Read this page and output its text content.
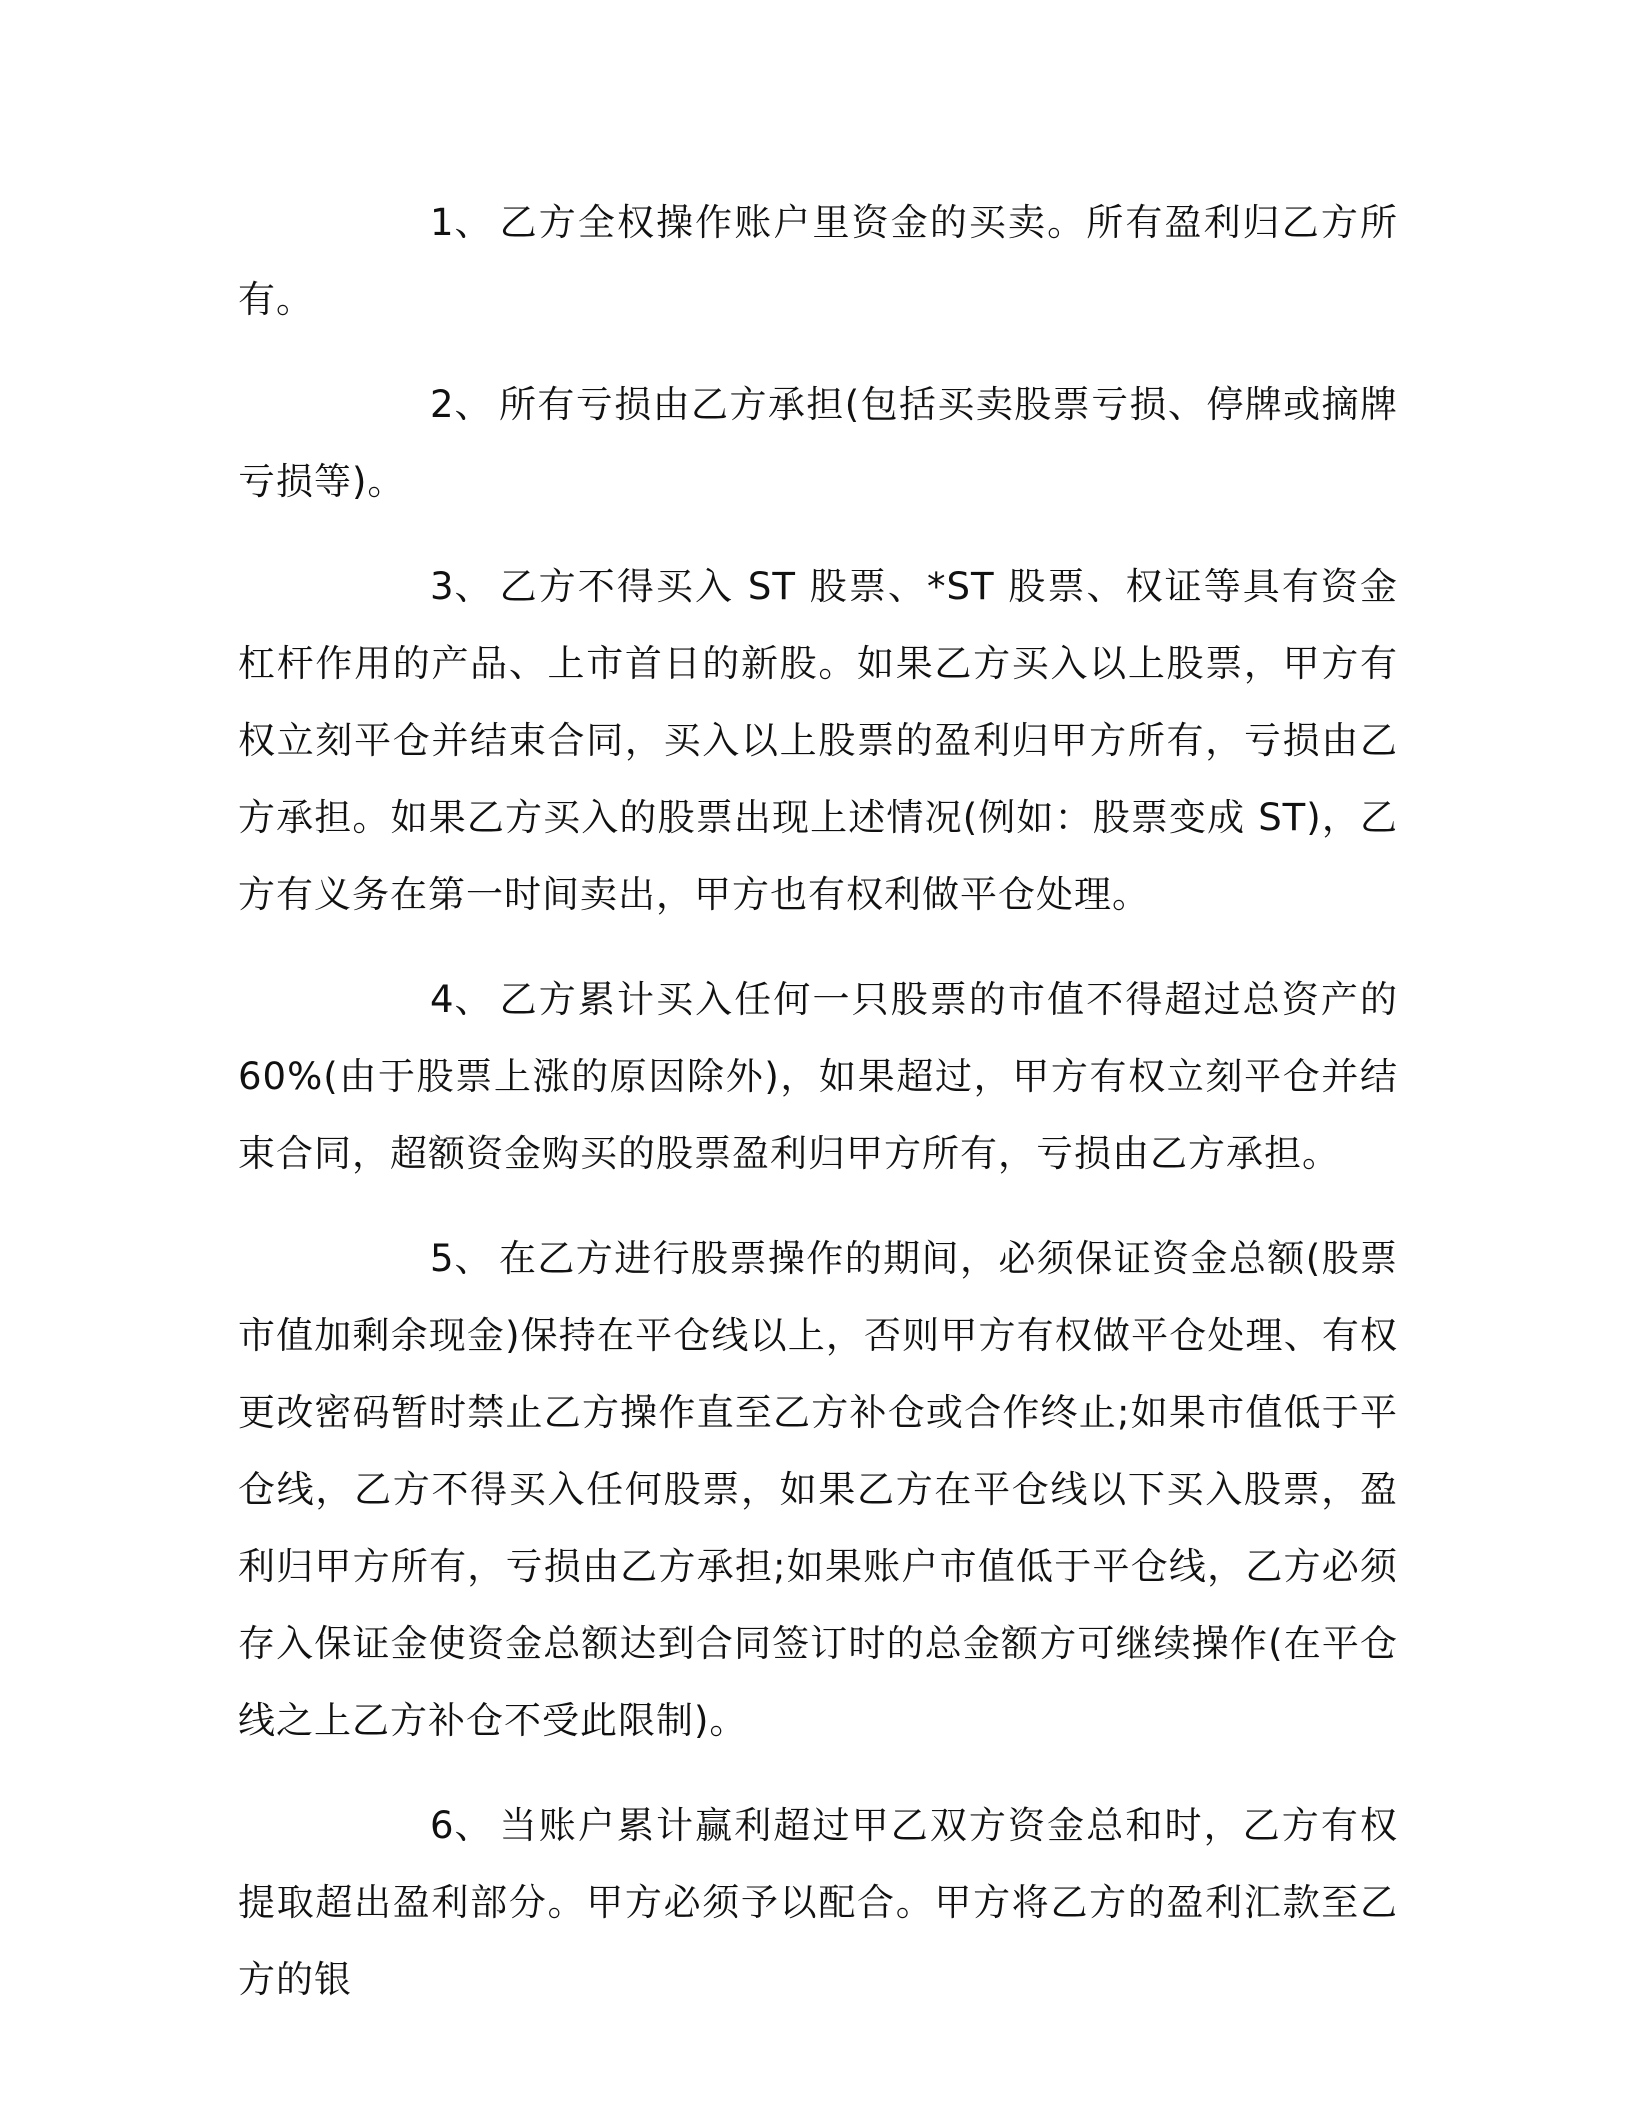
1、 乙方全权操作账户里资金的买卖。所有盈利归乙方所有。

2、 所有亏损由乙方承担(包括买卖股票亏损、停牌或摘牌亏损等)。

3、 乙方不得买入 ST 股票、*ST 股票、权证等具有资金杠杆作用的产品、上市首日的新股。如果乙方买入以上股票，甲方有权立刻平仓并结束合同，买入以上股票的盈利归甲方所有，亏损由乙方承担。如果乙方买入的股票出现上述情况(例如：股票变成 ST)，乙方有义务在第一时间卖出，甲方也有权利做平仓处理。

4、 乙方累计买入任何一只股票的市值不得超过总资产的 60%(由于股票上涨的原因除外)，如果超过，甲方有权立刻平仓并结束合同，超额资金购买的股票盈利归甲方所有，亏损由乙方承担。

5、 在乙方进行股票操作的期间，必须保证资金总额(股票市值加剩余现金)保持在平仓线以上，否则甲方有权做平仓处理、有权更改密码暂时禁止乙方操作直至乙方补仓或合作终止;如果市值低于平仓线，乙方不得买入任何股票，如果乙方在平仓线以下买入股票，盈利归甲方所有，亏损由乙方承担;如果账户市值低于平仓线，乙方必须存入保证金使资金总额达到合同签订时的总金额方可继续操作(在平仓线之上乙方补仓不受此限制)。

6、 当账户累计赢利超过甲乙双方资金总和时，乙方有权提取超出盈利部分。甲方必须予以配合。甲方将乙方的盈利汇款至乙方的银
